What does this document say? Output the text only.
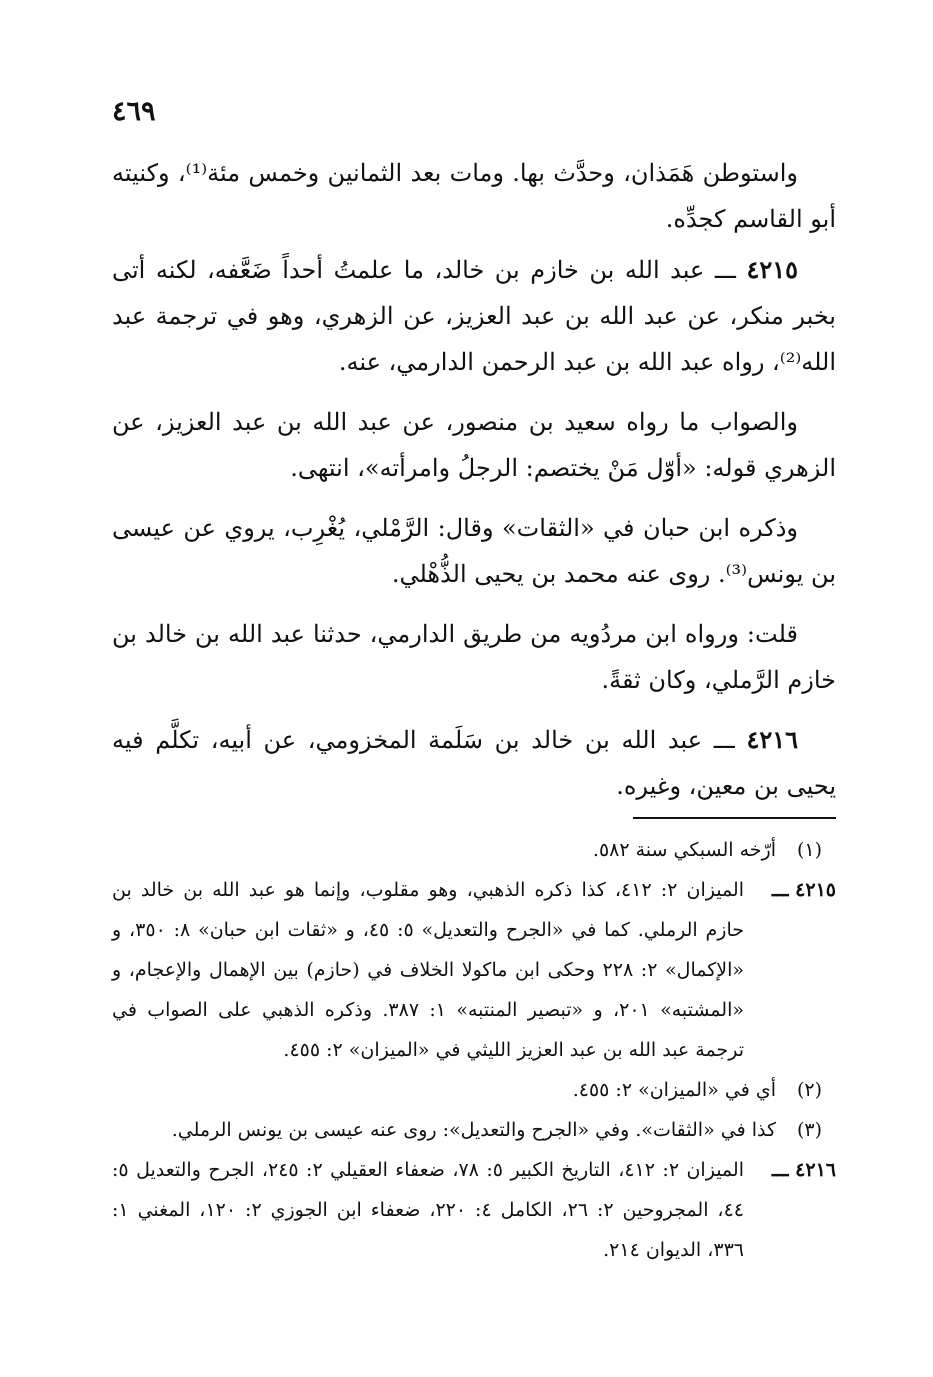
٤٦٩

واستوطن هَمَذان، وحدَّث بها. ومات بعد الثمانين وخمس مئة⁽¹⁾، وكنيته أبو القاسم كجدِّه.

٤٢١٥ ـــ عبد الله بن خازم بن خالد، ما علمتُ أحداً ضَعَّفه، لكنه أتى بخبر منكر، عن عبد الله بن عبد العزيز، عن الزهري، وهو في ترجمة عبد الله⁽²⁾، رواه عبد الله بن عبد الرحمن الدارمي، عنه.

والصواب ما رواه سعيد بن منصور، عن عبد الله بن عبد العزيز، عن الزهري قوله: «أوّل مَنْ يختصم: الرجلُ وامرأته»، انتهى.

وذكره ابن حبان في «الثقات» وقال: الرَّمْلي، يُغْرِب، يروي عن عيسى بن يونس⁽³⁾. روى عنه محمد بن يحيى الذُّهْلي.

قلت: ورواه ابن مردُويه من طريق الدارمي، حدثنا عبد الله بن خالد بن خازم الرَّملي، وكان ثقةً.

٤٢١٦ ـــ عبد الله بن خالد بن سَلَمة المخزومي، عن أبيه، تكلَّم فيه يحيى بن معين، وغيره.

(١)
أرّخه السبكي سنة ٥٨٢.
٤٢١٥ ـــ
الميزان ٢: ٤١٢، كذا ذكره الذهبي، وهو مقلوب، وإنما هو عبد الله بن خالد بن حازم الرملي. كما في «الجرح والتعديل» ٥: ٤٥، و «ثقات ابن حبان» ٨: ٣٥٠، و «الإكمال» ٢: ٢٢٨ وحكى ابن ماكولا الخلاف في (حازم) بين الإهمال والإعجام، و «المشتبه» ٢٠١، و «تبصير المنتبه» ١: ٣٨٧. وذكره الذهبي على الصواب في ترجمة عبد الله بن عبد العزيز الليثي في «الميزان» ٢: ٤٥٥.
(٢)
أي في «الميزان» ٢: ٤٥٥.
(٣)
كذا في «الثقات». وفي «الجرح والتعديل»: روى عنه عيسى بن يونس الرملي.
٤٢١٦ ـــ
الميزان ٢: ٤١٢، التاريخ الكبير ٥: ٧٨، ضعفاء العقيلي ٢: ٢٤٥، الجرح والتعديل ٥: ٤٤، المجروحين ٢: ٢٦، الكامل ٤: ٢٢٠، ضعفاء ابن الجوزي ٢: ١٢٠، المغني ١: ٣٣٦، الديوان ٢١٤.
